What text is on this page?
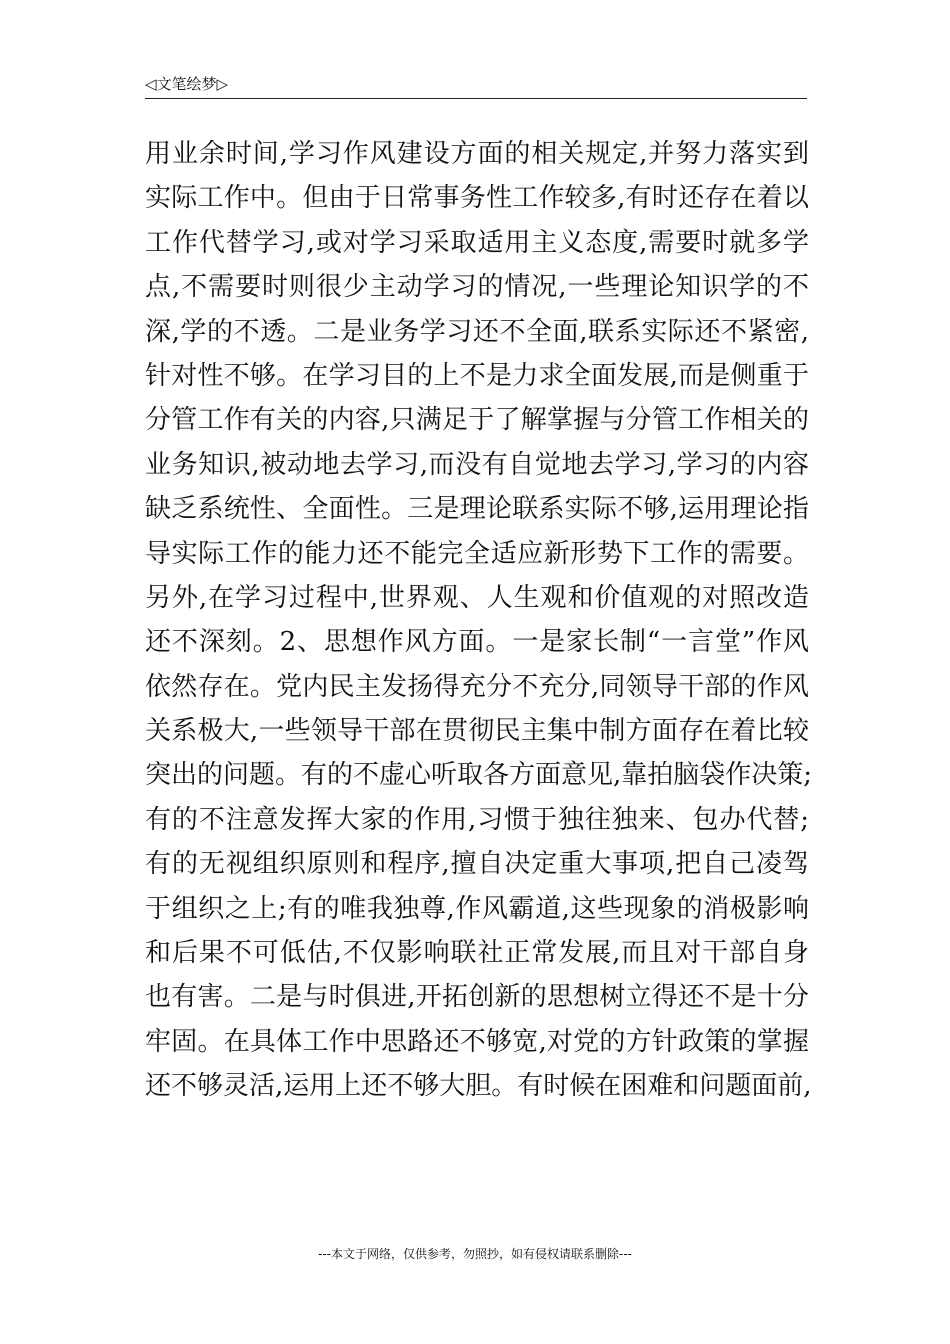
◁文笔绘梦▷
用业余时间,学习作风建设方面的相关规定,并努力落实到
实际工作中。但由于日常事务性工作较多,有时还存在着以
工作代替学习,或对学习采取适用主义态度,需要时就多学
点,不需要时则很少主动学习的情况,一些理论知识学的不
深,学的不透。二是业务学习还不全面,联系实际还不紧密,
针对性不够。在学习目的上不是力求全面发展,而是侧重于
分管工作有关的内容,只满足于了解掌握与分管工作相关的
业务知识,被动地去学习,而没有自觉地去学习,学习的内容
缺乏系统性、全面性。三是理论联系实际不够,运用理论指
导实际工作的能力还不能完全适应新形势下工作的需要。
另外,在学习过程中,世界观、人生观和价值观的对照改造
还不深刻。2、思想作风方面。一是家长制“一言堂”作风
依然存在。党内民主发扬得充分不充分,同领导干部的作风
关系极大,一些领导干部在贯彻民主集中制方面存在着比较
突出的问题。有的不虚心听取各方面意见,靠拍脑袋作决策;
有的不注意发挥大家的作用,习惯于独往独来、包办代替;
有的无视组织原则和程序,擅自决定重大事项,把自己凌驾
于组织之上;有的唯我独尊,作风霸道,这些现象的消极影响
和后果不可低估,不仅影响联社正常发展,而且对干部自身
也有害。二是与时俱进,开拓创新的思想树立得还不是十分
牢固。在具体工作中思路还不够宽,对党的方针政策的掌握
还不够灵活,运用上还不够大胆。有时候在困难和问题面前,
---本文于网络，仅供参考，勿照抄，如有侵权请联系删除---
